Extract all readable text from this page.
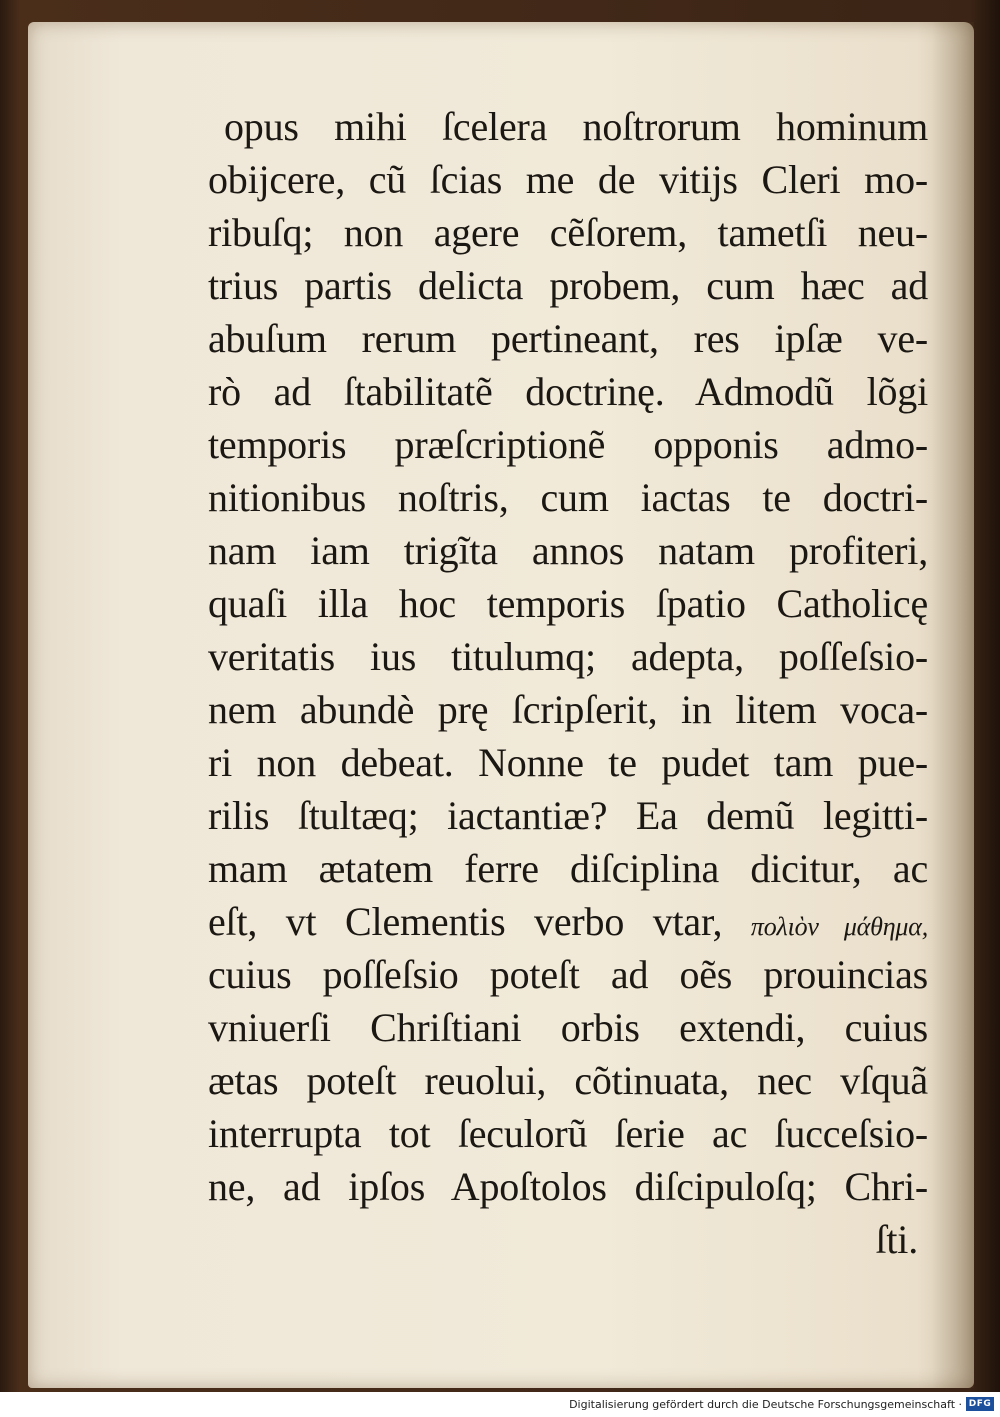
opus mihi ſcelera noſtrorum hominum
obijcere, cũ ſcias me de vitijs Cleri mo-
ribuſq; non agere cẽſorem, tametſi neu-
trius partis delicta probem, cum hæc ad
abuſum rerum pertineant, res ipſæ ve-
rò ad ſtabilitatẽ doctrinę. Admodũ lõgi
temporis præſcriptionẽ opponis admo-
nitionibus noſtris, cum iactas te doctri-
nam iam trigĩta annos natam profiteri,
quaſi illa hoc temporis ſpatio Catholicę
veritatis ius titulumq; adepta, poſſeſsio-
nem abundè prę ſcripſerit, in litem voca-
ri non debeat. Nonne te pudet tam pue-
rilis ſtultæq; iactantiæ? Ea demũ legitti-
mam ætatem ferre diſciplina dicitur, ac
eſt, vt Clementis verbo vtar, πολιὸν μάθημα,
cuius poſſeſsio poteſt ad oẽs prouincias
vniuerſi Chriſtiani orbis extendi, cuius
ætas poteſt reuolui, cõtinuata, nec vſquã
interrupta tot ſeculorũ ſerie ac ſucceſsio-
ne, ad ipſos Apoſtolos diſcipuloſq; Chri-
ſti.
Digitalisierung gefördert durch die Deutsche Forschungsgemeinschaft · DFG
